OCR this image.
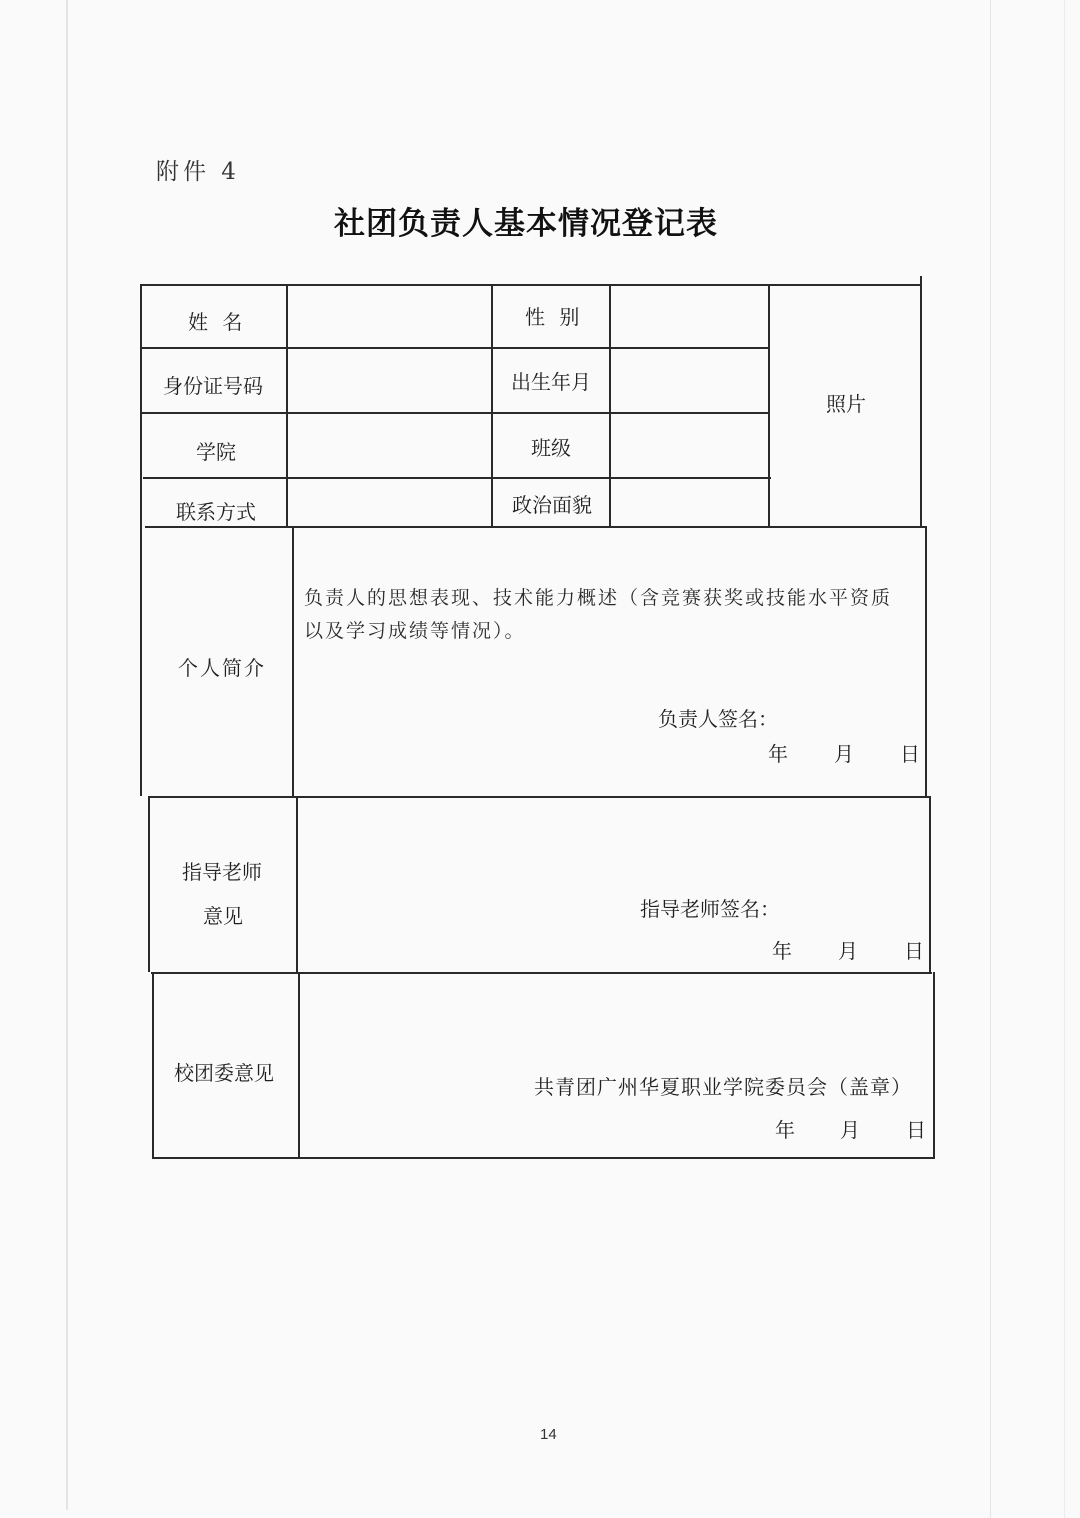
附件 4
社团负责人基本情况登记表
姓 名	性 别
身份证号码	出生年月
学院	班级
联系方式	政治面貌
照片
个人简介
负责人的思想表现、技术能力概述（含竞赛获奖或技能水平资质
以及学习成绩等情况）。
负责人签名：
年 月 日
指导老师
意见	指导老师签名：
年 月 日
校团委意见
共青团广州华夏职业学院委员会（盖章）
年 月 日
14
